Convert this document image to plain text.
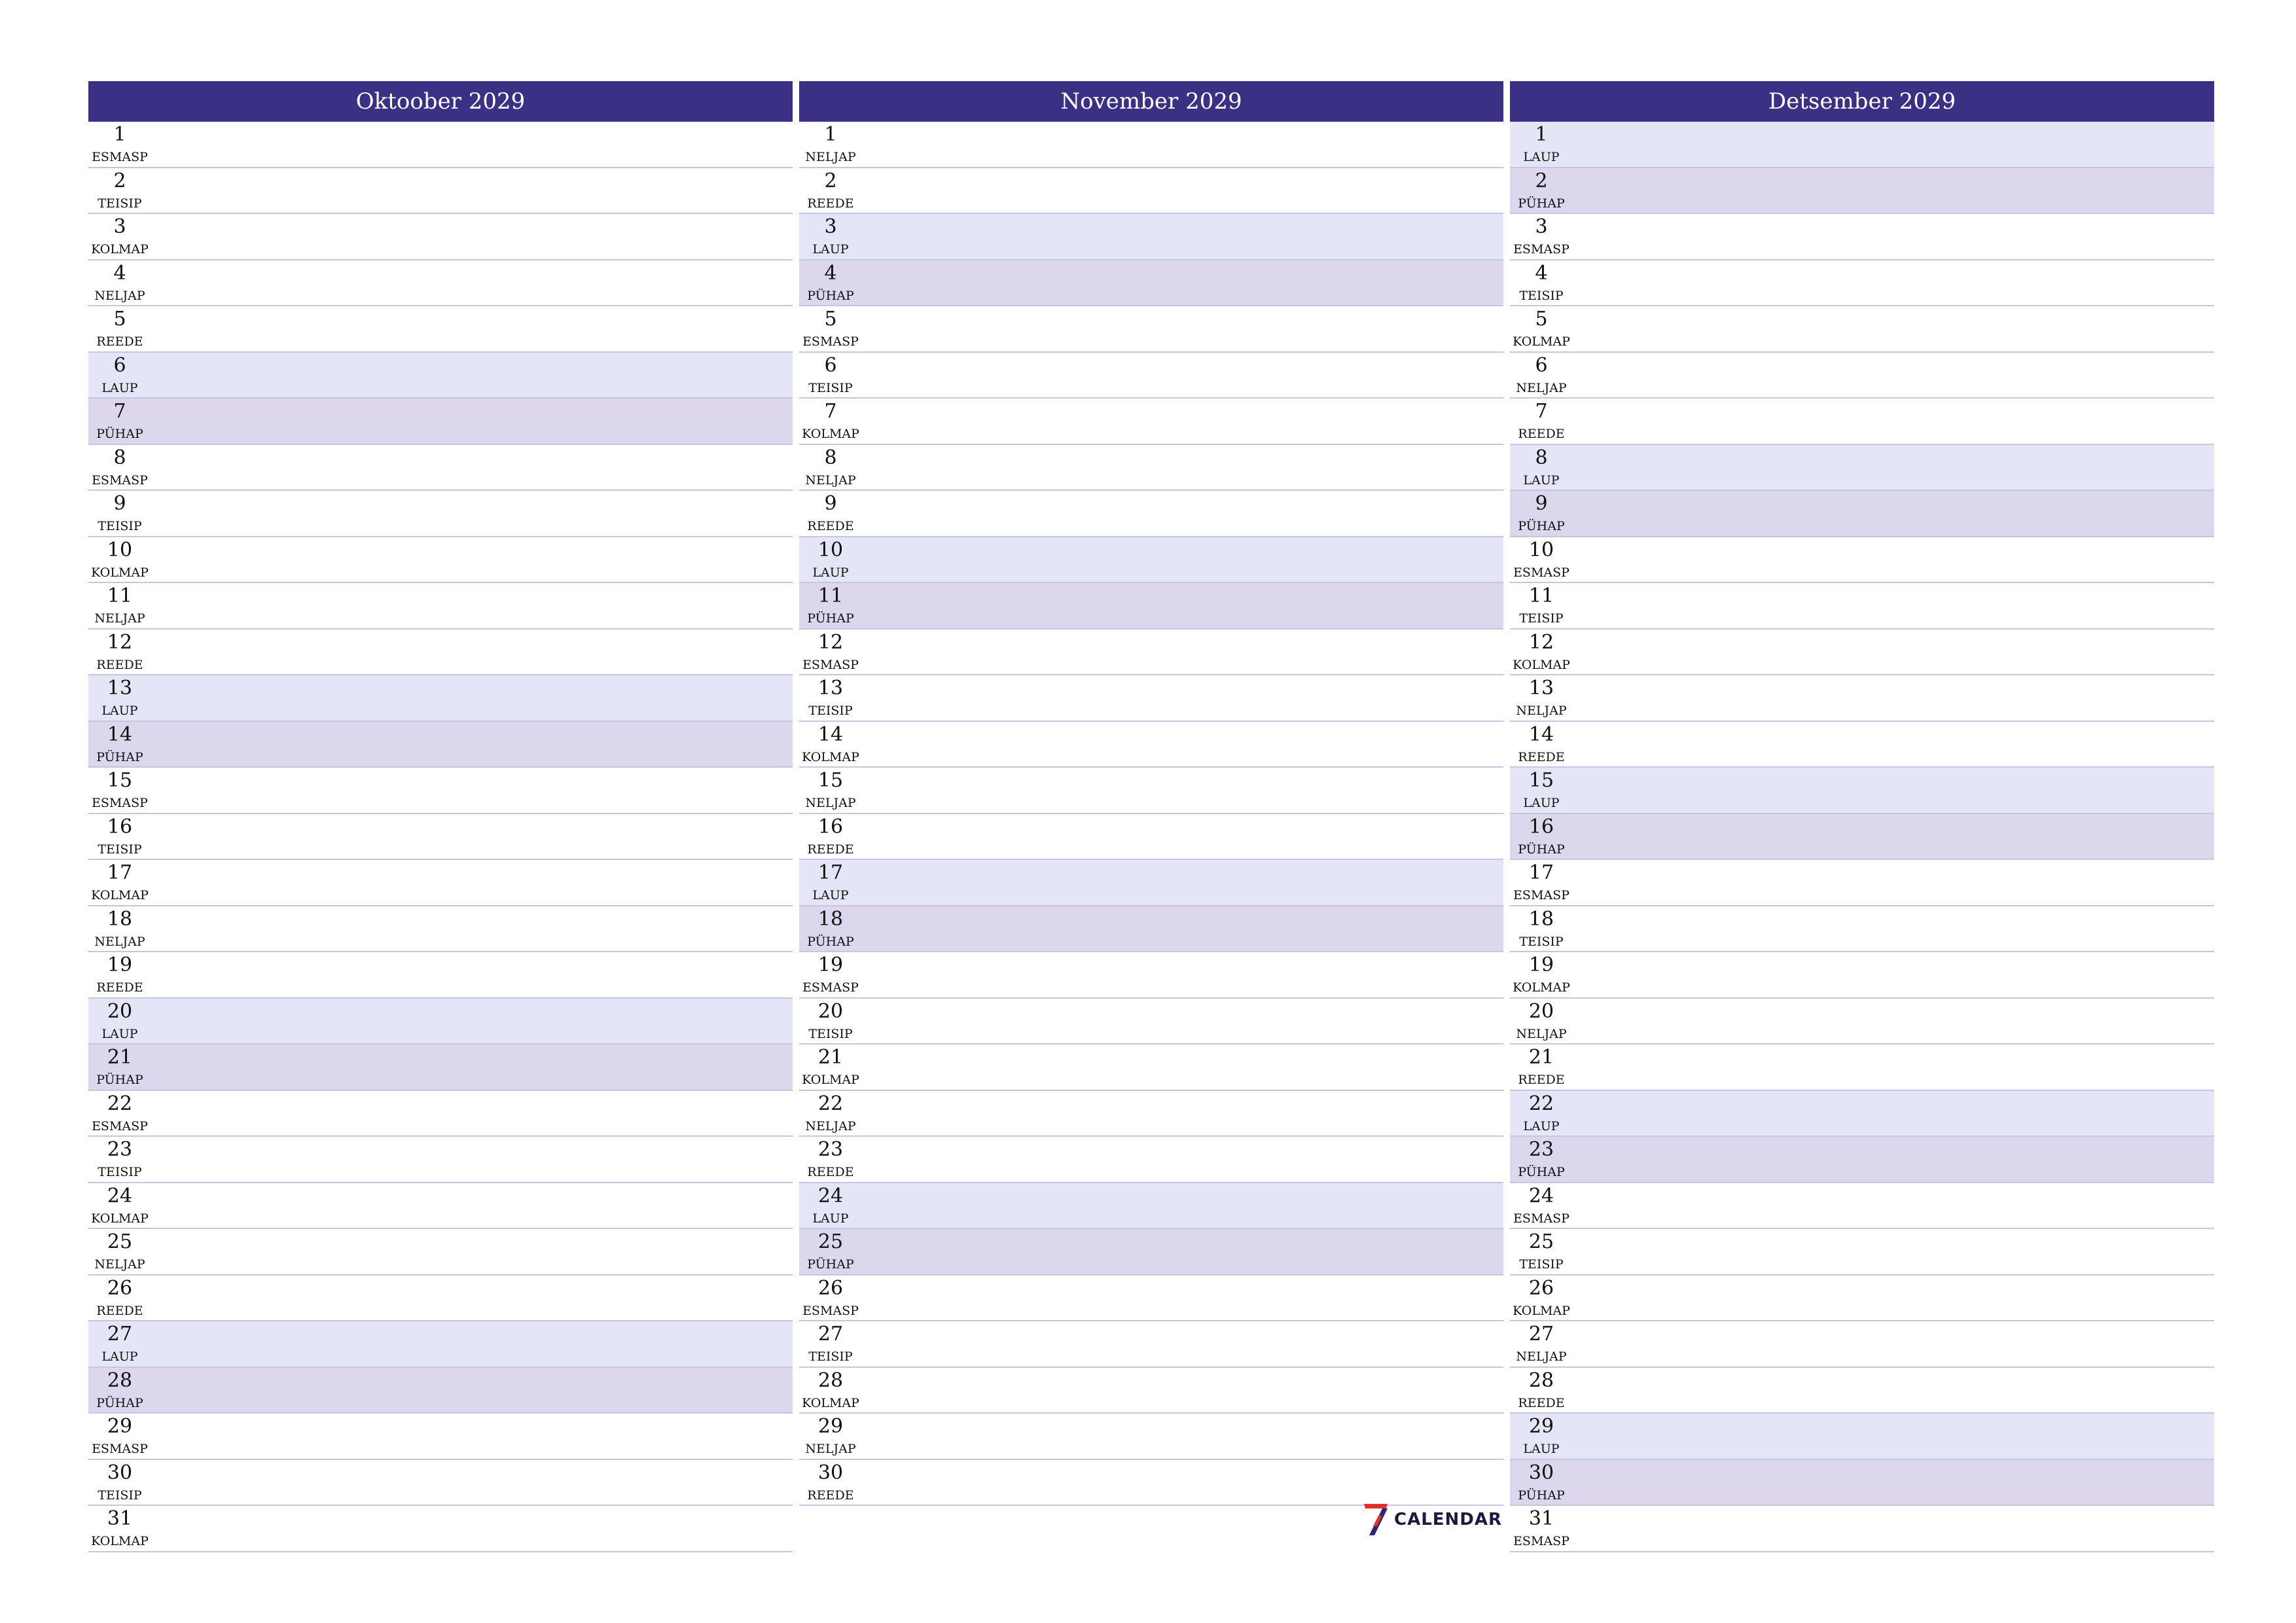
Oktoober 2029
1
ESMASP
2
TEISIP
3
KOLMAP
4
NELJAP
5
REEDE
6
LAUP
7
PÜHAP
8
ESMASP
9
TEISIP
10
KOLMAP
11
NELJAP
12
REEDE
13
LAUP
14
PÜHAP
15
ESMASP
16
TEISIP
17
KOLMAP
18
NELJAP
19
REEDE
20
LAUP
21
PÜHAP
22
ESMASP
23
TEISIP
24
KOLMAP
25
NELJAP
26
REEDE
27
LAUP
28
PÜHAP
29
ESMASP
30
TEISIP
31
KOLMAP
November 2029
1
NELJAP
2
REEDE
3
LAUP
4
PÜHAP
5
ESMASP
6
TEISIP
7
KOLMAP
8
NELJAP
9
REEDE
10
LAUP
11
PÜHAP
12
ESMASP
13
TEISIP
14
KOLMAP
15
NELJAP
16
REEDE
17
LAUP
18
PÜHAP
19
ESMASP
20
TEISIP
21
KOLMAP
22
NELJAP
23
REEDE
24
LAUP
25
PÜHAP
26
ESMASP
27
TEISIP
28
KOLMAP
29
NELJAP
30
REEDE
Detsember 2029
1
LAUP
2
PÜHAP
3
ESMASP
4
TEISIP
5
KOLMAP
6
NELJAP
7
REEDE
8
LAUP
9
PÜHAP
10
ESMASP
11
TEISIP
12
KOLMAP
13
NELJAP
14
REEDE
15
LAUP
16
PÜHAP
17
ESMASP
18
TEISIP
19
KOLMAP
20
NELJAP
21
REEDE
22
LAUP
23
PÜHAP
24
ESMASP
25
TEISIP
26
KOLMAP
27
NELJAP
28
REEDE
29
LAUP
30
PÜHAP
31
ESMASP
CALENDAR
